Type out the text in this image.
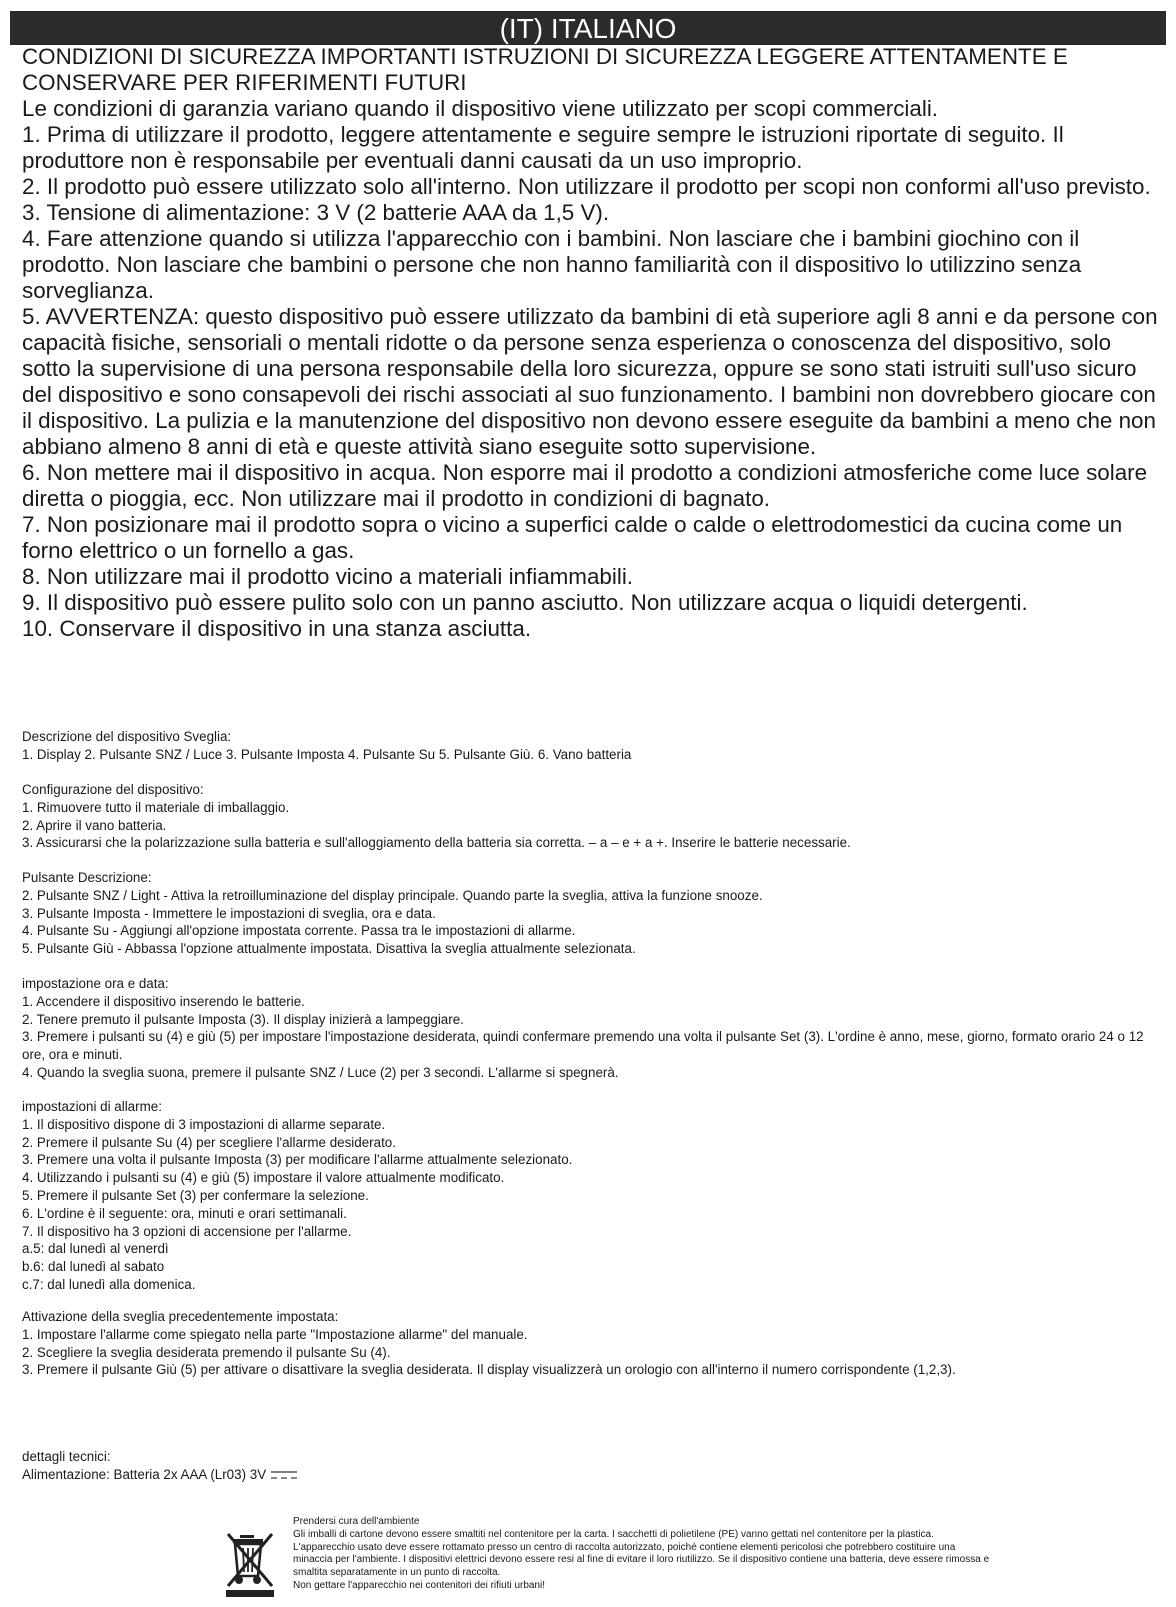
(IT) ITALIANO

CONDIZIONI DI SICUREZZA IMPORTANTI ISTRUZIONI DI SICUREZZA LEGGERE ATTENTAMENTE E CONSERVARE PER RIFERIMENTI FUTURI

Le condizioni di garanzia variano quando il dispositivo viene utilizzato per scopi commerciali.

1. Prima di utilizzare il prodotto, leggere attentamente e seguire sempre le istruzioni riportate di seguito. Il produttore non è responsabile per eventuali danni causati da un uso improprio.

2. Il prodotto può essere utilizzato solo all'interno. Non utilizzare il prodotto per scopi non conformi all'uso previsto.

3. Tensione di alimentazione: 3 V (2 batterie AAA da 1,5 V).

4. Fare attenzione quando si utilizza l'apparecchio con i bambini. Non lasciare che i bambini giochino con il prodotto. Non lasciare che bambini o persone che non hanno familiarità con il dispositivo lo utilizzino senza sorveglianza.

5. AVVERTENZA: questo dispositivo può essere utilizzato da bambini di età superiore agli 8 anni e da persone con capacità fisiche, sensoriali o mentali ridotte o da persone senza esperienza o conoscenza del dispositivo, solo sotto la supervisione di una persona responsabile della loro sicurezza, oppure se sono stati istruiti sull'uso sicuro del dispositivo e sono consapevoli dei rischi associati al suo funzionamento. I bambini non dovrebbero giocare con il dispositivo. La pulizia e la manutenzione del dispositivo non devono essere eseguite da bambini a meno che non abbiano almeno 8 anni di età e queste attività siano eseguite sotto supervisione.

6. Non mettere mai il dispositivo in acqua. Non esporre mai il prodotto a condizioni atmosferiche come luce solare diretta o pioggia, ecc. Non utilizzare mai il prodotto in condizioni di bagnato.

7. Non posizionare mai il prodotto sopra o vicino a superfici calde o calde o elettrodomestici da cucina come un forno elettrico o un fornello a gas.

8. Non utilizzare mai il prodotto vicino a materiali infiammabili.

9. Il dispositivo può essere pulito solo con un panno asciutto. Non utilizzare acqua o liquidi detergenti.

10. Conservare il dispositivo in una stanza asciutta.

Descrizione del dispositivo Sveglia:

1. Display 2. Pulsante SNZ / Luce 3. Pulsante Imposta 4. Pulsante Su 5. Pulsante Giù. 6. Vano batteria

Configurazione del dispositivo:

1. Rimuovere tutto il materiale di imballaggio.

2. Aprire il vano batteria.

3. Assicurarsi che la polarizzazione sulla batteria e sull'alloggiamento della batteria sia corretta. – a – e + a +. Inserire le batterie necessarie.

Pulsante Descrizione:

2. Pulsante SNZ / Light - Attiva la retroilluminazione del display principale. Quando parte la sveglia, attiva la funzione snooze.

3. Pulsante Imposta - Immettere le impostazioni di sveglia, ora e data.

4. Pulsante Su - Aggiungi all'opzione impostata corrente. Passa tra le impostazioni di allarme.

5. Pulsante Giù - Abbassa l'opzione attualmente impostata. Disattiva la sveglia attualmente selezionata.

impostazione ora e data:

1. Accendere il dispositivo inserendo le batterie.

2. Tenere premuto il pulsante Imposta (3). Il display inizierà a lampeggiare.

3. Premere i pulsanti su (4) e giù (5) per impostare l'impostazione desiderata, quindi confermare premendo una volta il pulsante Set (3). L'ordine è anno, mese, giorno, formato orario 24 o 12 ore, ora e minuti.

4. Quando la sveglia suona, premere il pulsante SNZ / Luce (2) per 3 secondi. L'allarme si spegnerà.

impostazioni di allarme:

1. Il dispositivo dispone di 3 impostazioni di allarme separate.

2. Premere il pulsante Su (4) per scegliere l'allarme desiderato.

3. Premere una volta il pulsante Imposta (3) per modificare l'allarme attualmente selezionato.

4. Utilizzando i pulsanti su (4) e giù (5) impostare il valore attualmente modificato.

5. Premere il pulsante Set (3) per confermare la selezione.

6. L'ordine è il seguente: ora, minuti e orari settimanali.

7. Il dispositivo ha 3 opzioni di accensione per l'allarme.

a.5: dal lunedì al venerdì

b.6: dal lunedì al sabato

c.7: dal lunedì alla domenica.

Attivazione della sveglia precedentemente impostata:

1. Impostare l'allarme come spiegato nella parte "Impostazione allarme" del manuale.

2. Scegliere la sveglia desiderata premendo il pulsante Su (4).

3. Premere il pulsante Giù (5) per attivare o disattivare la sveglia desiderata. Il display visualizzerà un orologio con all'interno il numero corrispondente (1,2,3).

dettagli tecnici:

Alimentazione: Batteria 2x AAA (Lr03) 3V

Prendersi cura dell'ambiente

Gli imballi di cartone devono essere smaltiti nel contenitore per la carta. I sacchetti di polietilene (PE) vanno gettati nel contenitore per la plastica. L'apparecchio usato deve essere rottamato presso un centro di raccolta autorizzato, poiché contiene elementi pericolosi che potrebbero costituire una minaccia per l'ambiente. I dispositivi elettrici devono essere resi al fine di evitare il loro riutilizzo. Se il dispositivo contiene una batteria, deve essere rimossa e smaltita separatamente in un punto di raccolta.

Non gettare l'apparecchio nei contenitori dei rifiuti urbani!
